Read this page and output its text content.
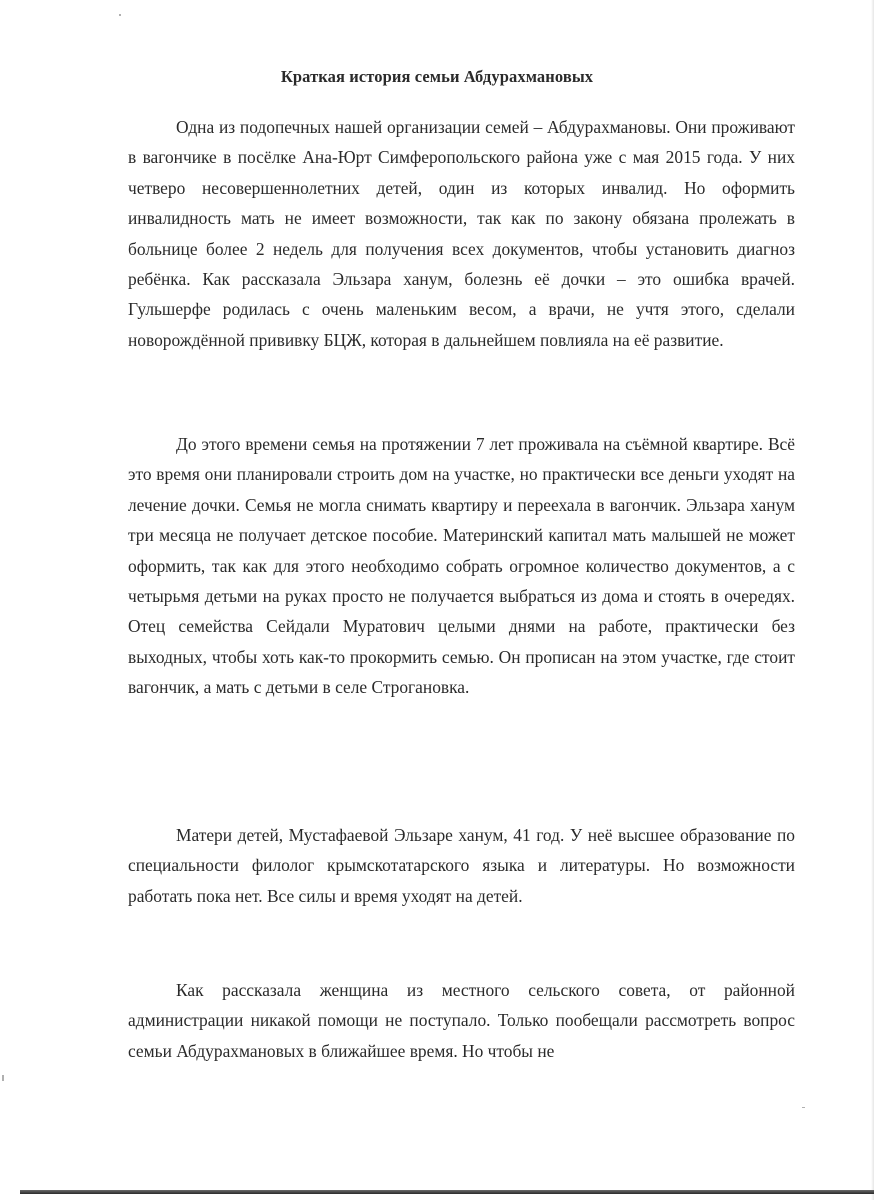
Краткая история семьи Абдурахмановых

Одна из подопечных нашей организации семей – Абдурахмановы. Они проживают в вагончике в посёлке Ана-Юрт Симферопольского района уже с мая 2015 года. У них четверо несовершеннолетних детей, один из которых инвалид. Но оформить инвалидность мать не имеет возможности, так как по закону обязана пролежать в больнице более 2 недель для получения всех документов, чтобы установить диагноз ребёнка. Как рассказала Эльзара ханум, болезнь её дочки – это ошибка врачей. Гульшерфе родилась с очень маленьким весом, а врачи, не учтя этого, сделали новорождённой прививку БЦЖ, которая в дальнейшем повлияла на её развитие.

До этого времени семья на протяжении 7 лет проживала на съёмной квартире. Всё это время они планировали строить дом на участке, но практически все деньги уходят на лечение дочки. Семья не могла снимать квартиру и переехала в вагончик. Эльзара ханум три месяца не получает детское пособие. Материнский капитал мать малышей не может оформить, так как для этого необходимо собрать огромное количество документов, а с четырьмя детьми на руках просто не получается выбраться из дома и стоять в очередях. Отец семейства Сейдали Муратович целыми днями на работе, практически без выходных, чтобы хоть как-то прокормить семью. Он прописан на этом участке, где стоит вагончик, а мать с детьми в селе Строгановка.

Матери детей, Мустафаевой Эльзаре ханум, 41 год. У неё высшее образование по специальности филолог крымскотатарского языка и литературы. Но возможности работать пока нет. Все силы и время уходят на детей.

Как рассказала женщина из местного сельского совета, от районной администрации никакой помощи не поступало. Только пообещали рассмотреть вопрос семьи Абдурахмановых в ближайшее время. Но чтобы не
